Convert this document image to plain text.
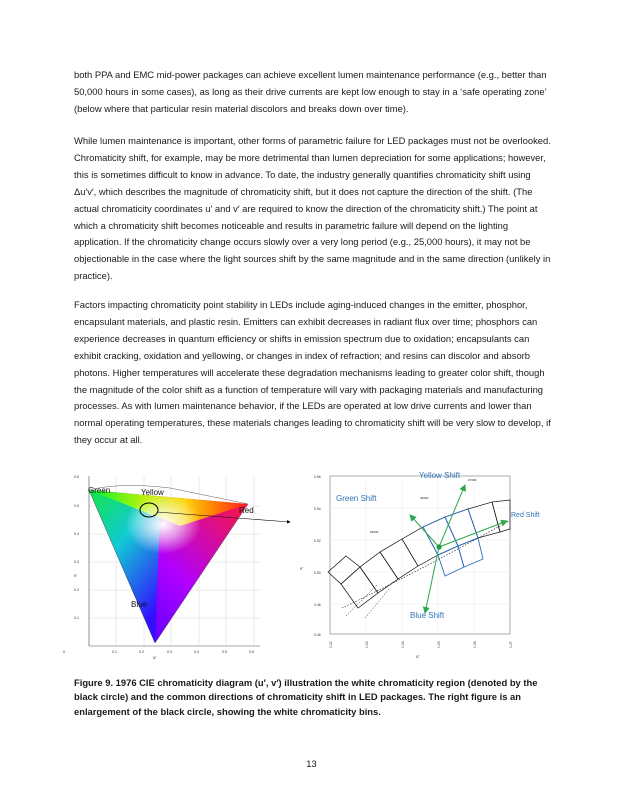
both PPA and EMC mid-power packages can achieve excellent lumen maintenance performance (e.g., better than 50,000 hours in some cases), as long as their drive currents are kept low enough to stay in a ‘safe operating zone’ (below where that particular resin material discolors and breaks down over time).

While lumen maintenance is important, other forms of parametric failure for LED packages must not be overlooked. Chromaticity shift, for example, may be more detrimental than lumen depreciation for some applications; however, this is sometimes difficult to know in advance. To date, the industry generally quantifies chromaticity shift using Δu′v′, which describes the magnitude of chromaticity shift, but it does not capture the direction of the shift. (The actual chromaticity coordinates u′ and v′ are required to know the direction of the chromaticity shift.) The point at which a chromaticity shift becomes noticeable and results in parametric failure will depend on the lighting application. If the chromaticity change occurs slowly over a very long period (e.g., 25,000 hours), it may not be objectionable in the case where the light sources shift by the same magnitude and in the same direction (unlikely in practice).

Factors impacting chromaticity point stability in LEDs include aging-induced changes in the emitter, phosphor, encapsulant materials, and plastic resin. Emitters can exhibit decreases in radiant flux over time; phosphors can experience decreases in quantum efficiency or shifts in emission spectrum due to oxidation; encapsulants can exhibit cracking, oxidation and yellowing, or changes in index of refraction; and resins can discolor and absorb photons. Higher temperatures will accelerate these degradation mechanisms leading to greater color shift, though the magnitude of the color shift as a function of temperature will vary with packaging materials and manufacturing processes. As with lumen maintenance behavior, if the LEDs are operated at low drive currents and lower than normal operating temperatures, these materials changes leading to chromaticity shift will be very slow to develop, if they occur at all.

Green	Yellow
Red
Blue
0.6
0.5
0.4
0.3
0.2
0.1
v′
0	0.1	0.2	0.3	0.4	0.5	0.6
u′
Yellow Shift
Green Shift
Red Shift
Blue Shift
2700K
4000K
6500K
0.56
0.54
0.52
0.50
0.48
0.46
v′
0.22	0.23	0.24	0.25	0.26	0.27
u′

Figure 9. 1976 CIE chromaticity diagram (u′, v′) illustration the white chromaticity region (denoted by the black circle) and the common directions of chromaticity shift in LED packages. The right figure is an enlargement of the black circle, showing the white chromaticity bins.

13
